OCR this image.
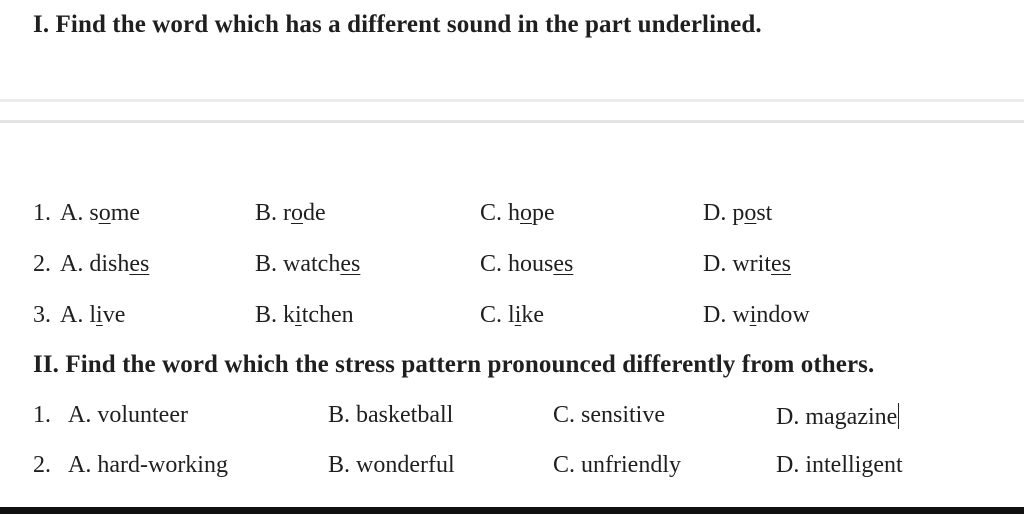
I. Find the word which has a different sound in the part underlined.
1. A. some	B. rode	C. hope	D. post
2. A. dishes	B. watches	C. houses	D. writes
3. A. live	B. kitchen	C. like	D. window
II. Find the word which the stress pattern pronounced differently from others.
1. A. volunteer	B. basketball	C. sensitive	D. magazine
2. A. hard-working	B. wonderful	C. unfriendly	D. intelligent
